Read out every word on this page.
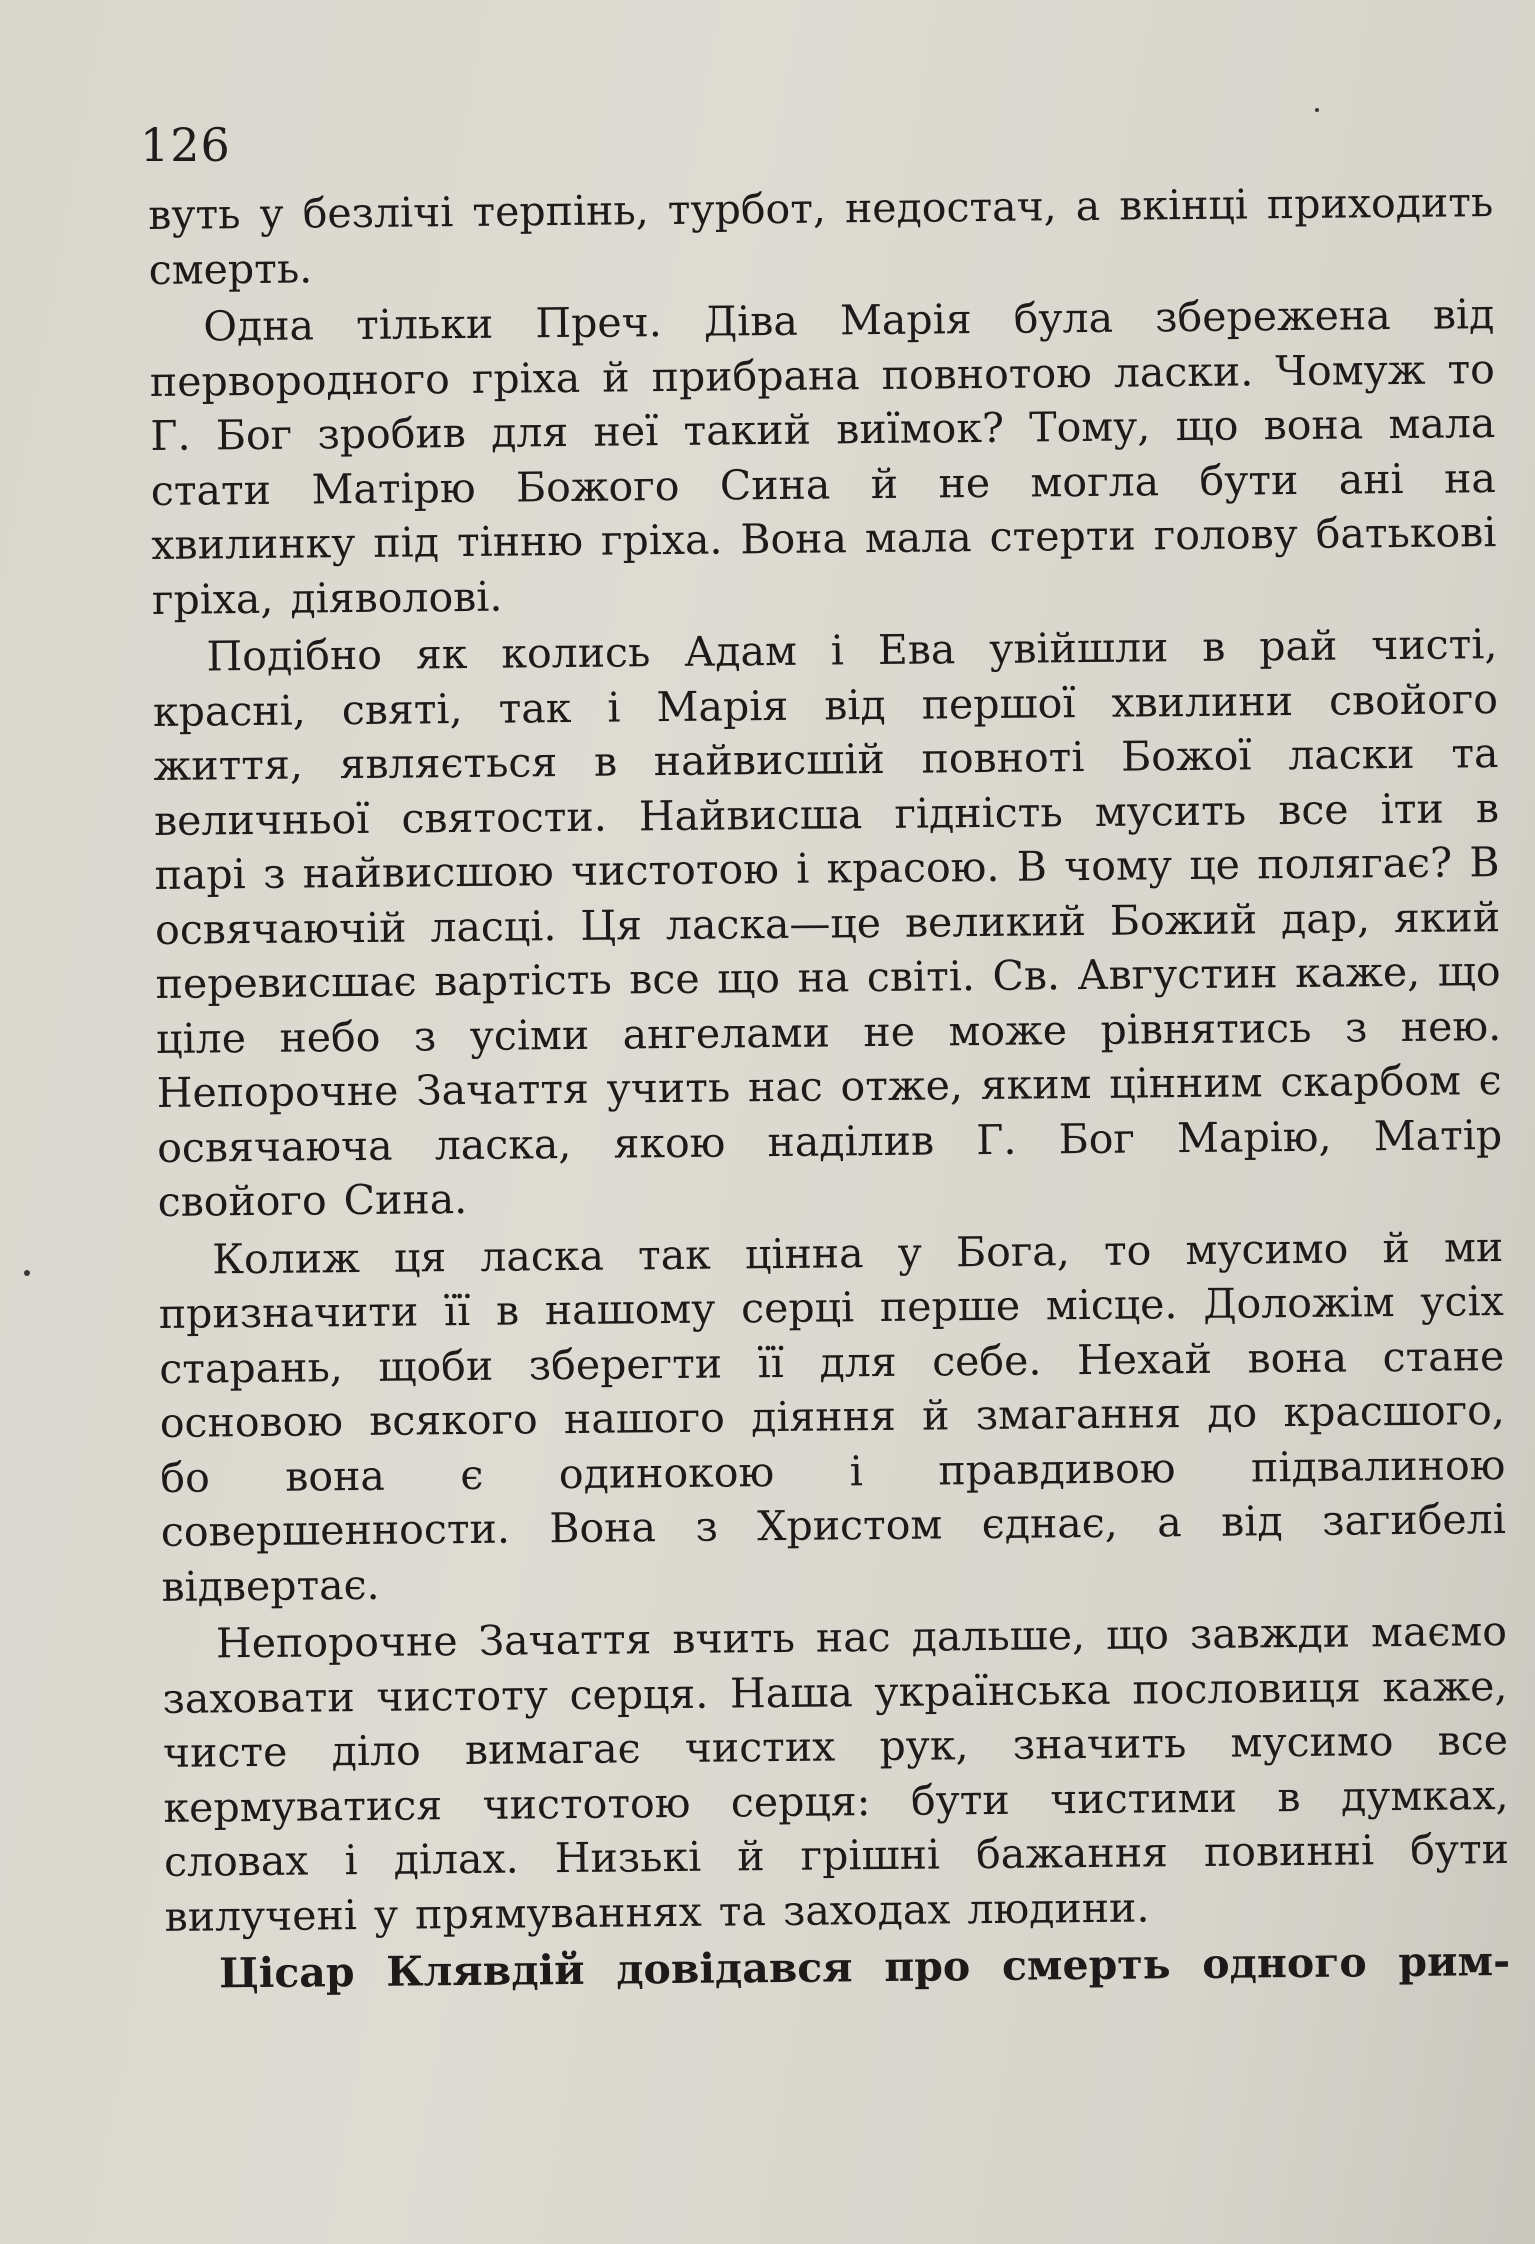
126

вуть у безлічі терпінь, турбот, недостач, а вкінці приходить смерть.

Одна тільки Преч. Діва Марія була збережена від первородного гріха й прибрана повнотою ласки. Чомуж то Г. Бог зробив для неї такий виїмок? Тому, що вона мала стати Матірю Божого Сина й не могла бути ані на хвилинку під тінню гріха. Вона мала стерти голову батькові гріха, діяволові.

Подібно як колись Адам і Ева увійшли в рай чисті, красні, святі, так і Марія від першої хвилини свойого життя, являється в найвисшій повноті Божої ласки та величньої святости. Найвисша гідність мусить все іти в парі з найвисшою чистотою і красою. В чому це полягає? В освячаючій ласці. Ця ласка—це великий Божий дар, який перевисшає вартість все що на світі. Св. Августин каже, що ціле небо з усіми ангелами не може рівнятись з нею. Непорочне Зачаття учить нас отже, яким цінним скарбом є освячаюча ласка, якою наділив Г. Бог Марію, Матір свойого Сина.

Колиж ця ласка так цінна у Бога, то мусимо й ми призначити її в нашому серці перше місце. Доложім усіх старань, щоби зберегти її для себе. Нехай вона стане основою всякого нашого діяння й змагання до красшого, бо вона є одинокою і правдивою підвалиною совершенности. Вона з Христом єднає, а від загибелі відвертає.

Непорочне Зачаття вчить нас дальше, що завжди маємо заховати чистоту серця. Наша українська пословиця каже, чисте діло вимагає чистих рук, значить мусимо все кермуватися чистотою серця: бути чистими в думках, словах і ділах. Низькі й грішні бажання повинні бути вилучені у прямуваннях та заходах людини.

Цісар Клявдій довідався про смерть одного рим-
